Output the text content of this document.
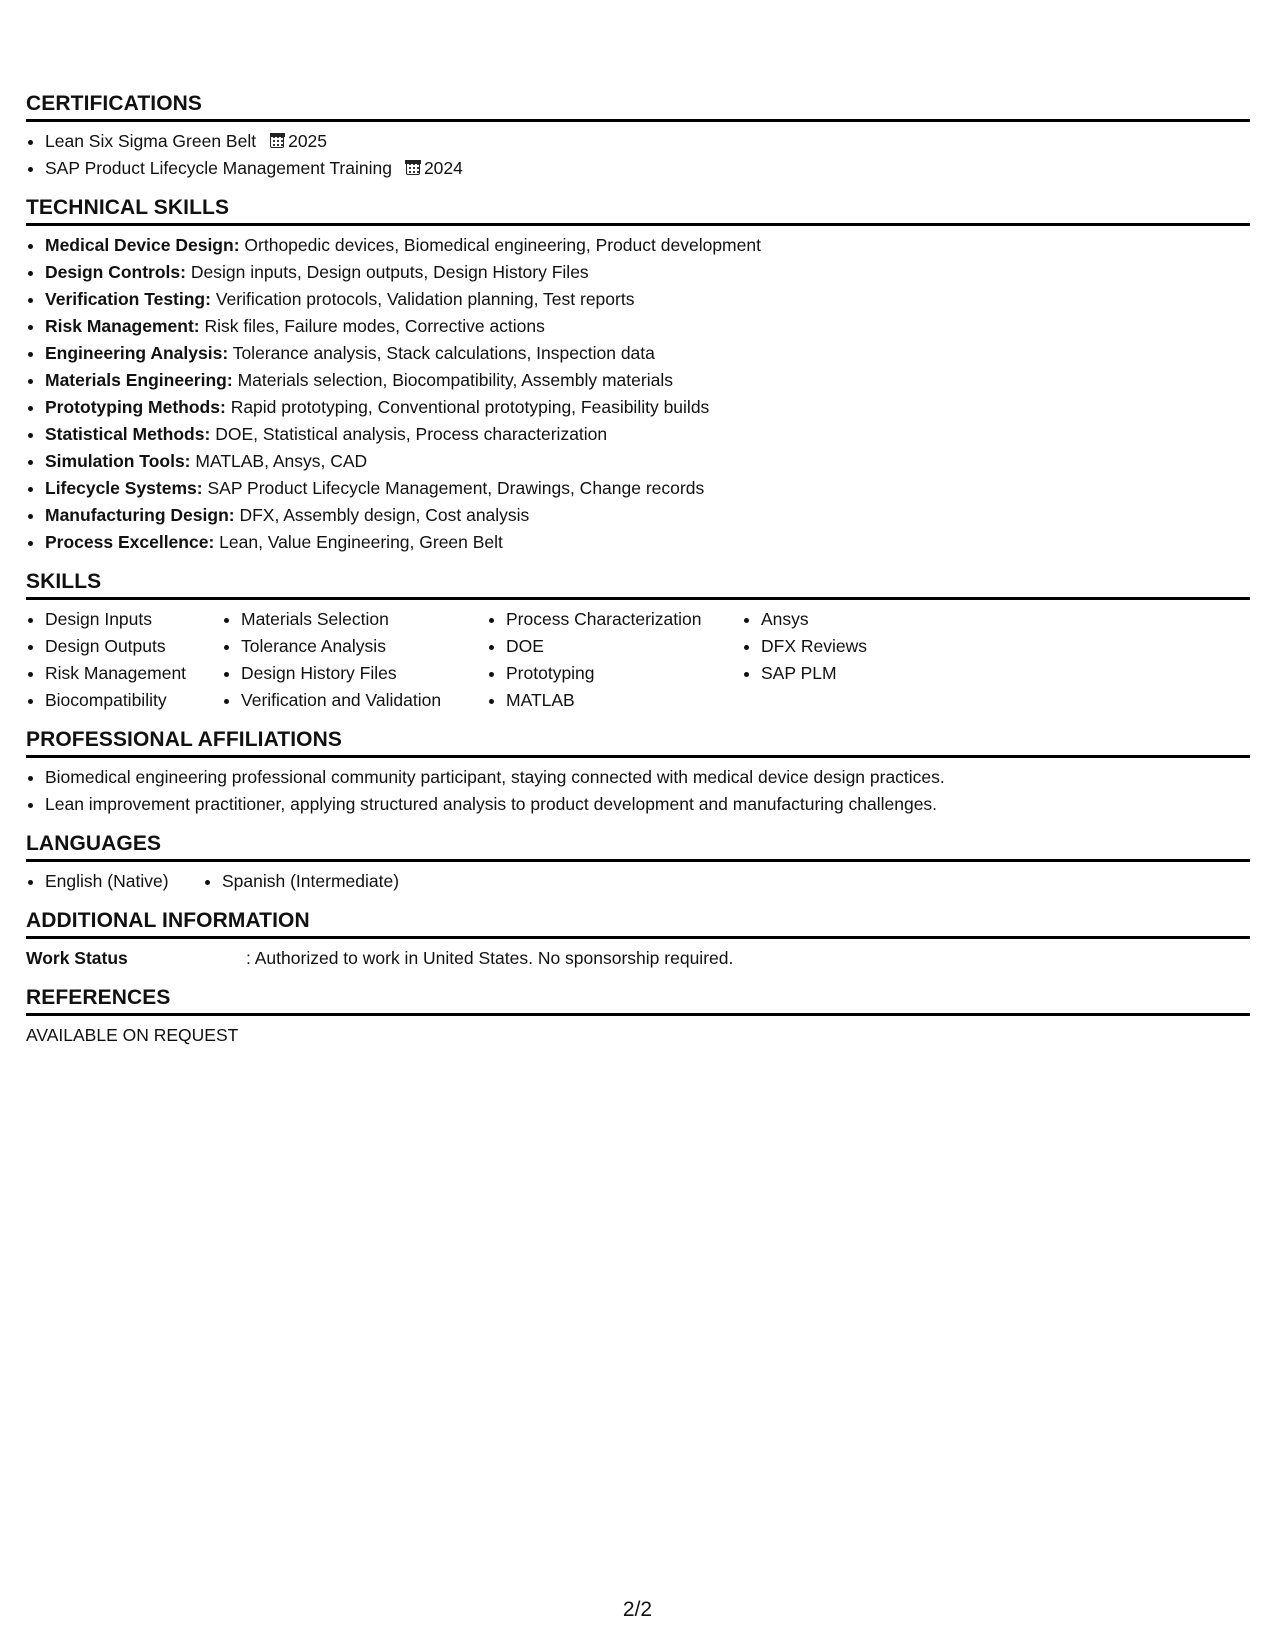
CERTIFICATIONS
• Lean Six Sigma Green Belt 2025
• SAP Product Lifecycle Management Training 2024
TECHNICAL SKILLS
• Medical Device Design: Orthopedic devices, Biomedical engineering, Product development
• Design Controls: Design inputs, Design outputs, Design History Files
• Verification Testing: Verification protocols, Validation planning, Test reports
• Risk Management: Risk files, Failure modes, Corrective actions
• Engineering Analysis: Tolerance analysis, Stack calculations, Inspection data
• Materials Engineering: Materials selection, Biocompatibility, Assembly materials
• Prototyping Methods: Rapid prototyping, Conventional prototyping, Feasibility builds
• Statistical Methods: DOE, Statistical analysis, Process characterization
• Simulation Tools: MATLAB, Ansys, CAD
• Lifecycle Systems: SAP Product Lifecycle Management, Drawings, Change records
• Manufacturing Design: DFX, Assembly design, Cost analysis
• Process Excellence: Lean, Value Engineering, Green Belt
SKILLS
• Design Inputs
• Design Outputs
• Risk Management
• Biocompatibility
• Materials Selection
• Tolerance Analysis
• Design History Files
• Verification and Validation
• Process Characterization
• DOE
• Prototyping
• MATLAB
• Ansys
• DFX Reviews
• SAP PLM
PROFESSIONAL AFFILIATIONS
• Biomedical engineering professional community participant, staying connected with medical device design practices.
• Lean improvement practitioner, applying structured analysis to product development and manufacturing challenges.
LANGUAGES
• English (Native)
•	Spanish (Intermediate)
ADDITIONAL INFORMATION
Work Status	: Authorized to work in United States. No sponsorship required.
REFERENCES
AVAILABLE ON REQUEST
2/2
